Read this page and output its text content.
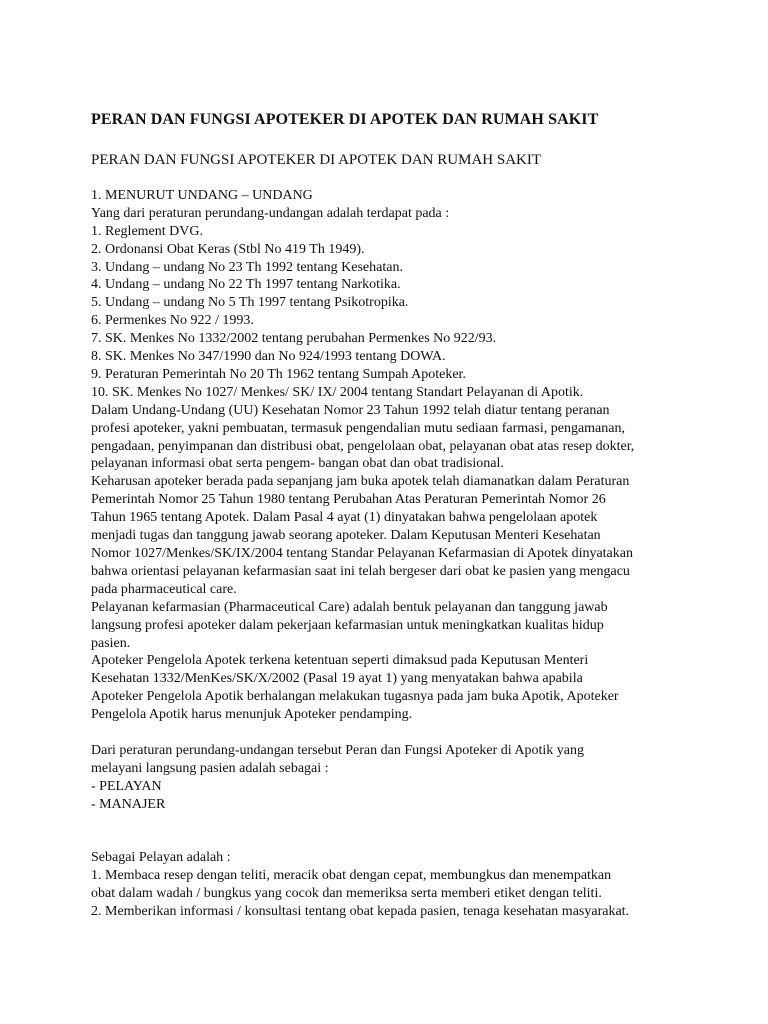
PERAN DAN FUNGSI APOTEKER DI APOTEK DAN RUMAH SAKIT
PERAN DAN FUNGSI APOTEKER DI APOTEK DAN RUMAH SAKIT
1. MENURUT UNDANG – UNDANG
Yang dari peraturan perundang-undangan adalah terdapat pada :
1. Reglement DVG.
2. Ordonansi Obat Keras (Stbl No 419 Th 1949).
3. Undang – undang No 23 Th 1992 tentang Kesehatan.
4. Undang – undang No 22 Th 1997 tentang Narkotika.
5. Undang – undang No 5 Th 1997 tentang Psikotropika.
6. Permenkes No 922 / 1993.
7. SK. Menkes No 1332/2002 tentang perubahan Permenkes No 922/93.
8. SK. Menkes No 347/1990 dan No 924/1993 tentang DOWA.
9. Peraturan Pemerintah No 20 Th 1962 tentang Sumpah Apoteker.
10. SK. Menkes No 1027/ Menkes/ SK/ IX/ 2004 tentang Standart Pelayanan di Apotik.
Dalam Undang-Undang (UU) Kesehatan Nomor 23 Tahun 1992 telah diatur tentang peranan
profesi apoteker, yakni pembuatan, termasuk pengendalian mutu sediaan farmasi, pengamanan,
pengadaan, penyimpanan dan distribusi obat, pengelolaan obat, pelayanan obat atas resep dokter,
pelayanan informasi obat serta pengem- bangan obat dan obat tradisional.
Keharusan apoteker berada pada sepanjang jam buka apotek telah diamanatkan dalam Peraturan
Pemerintah Nomor 25 Tahun 1980 tentang Perubahan Atas Peraturan Pemerintah Nomor 26
Tahun 1965 tentang Apotek. Dalam Pasal 4 ayat (1) dinyatakan bahwa pengelolaan apotek
menjadi tugas dan tanggung jawab seorang apoteker. Dalam Keputusan Menteri Kesehatan
Nomor 1027/Menkes/SK/IX/2004 tentang Standar Pelayanan Kefarmasian di Apotek dinyatakan
bahwa orientasi pelayanan kefarmasian saat ini telah bergeser dari obat ke pasien yang mengacu
pada pharmaceutical care.
Pelayanan kefarmasian (Pharmaceutical Care) adalah bentuk pelayanan dan tanggung jawab
langsung profesi apoteker dalam pekerjaan kefarmasian untuk meningkatkan kualitas hidup
pasien.
Apoteker Pengelola Apotek terkena ketentuan seperti dimaksud pada Keputusan Menteri
Kesehatan 1332/MenKes/SK/X/2002 (Pasal 19 ayat 1) yang menyatakan bahwa apabila
Apoteker Pengelola Apotik berhalangan melakukan tugasnya pada jam buka Apotik, Apoteker
Pengelola Apotik harus menunjuk Apoteker pendamping.
Dari peraturan perundang-undangan tersebut Peran dan Fungsi Apoteker di Apotik yang
melayani langsung pasien adalah sebagai :
- PELAYAN
- MANAJER
Sebagai Pelayan adalah :
1. Membaca resep dengan teliti, meracik obat dengan cepat, membungkus dan menempatkan
obat dalam wadah / bungkus yang cocok dan memeriksa serta memberi etiket dengan teliti.
2. Memberikan informasi / konsultasi tentang obat kepada pasien, tenaga kesehatan masyarakat.
